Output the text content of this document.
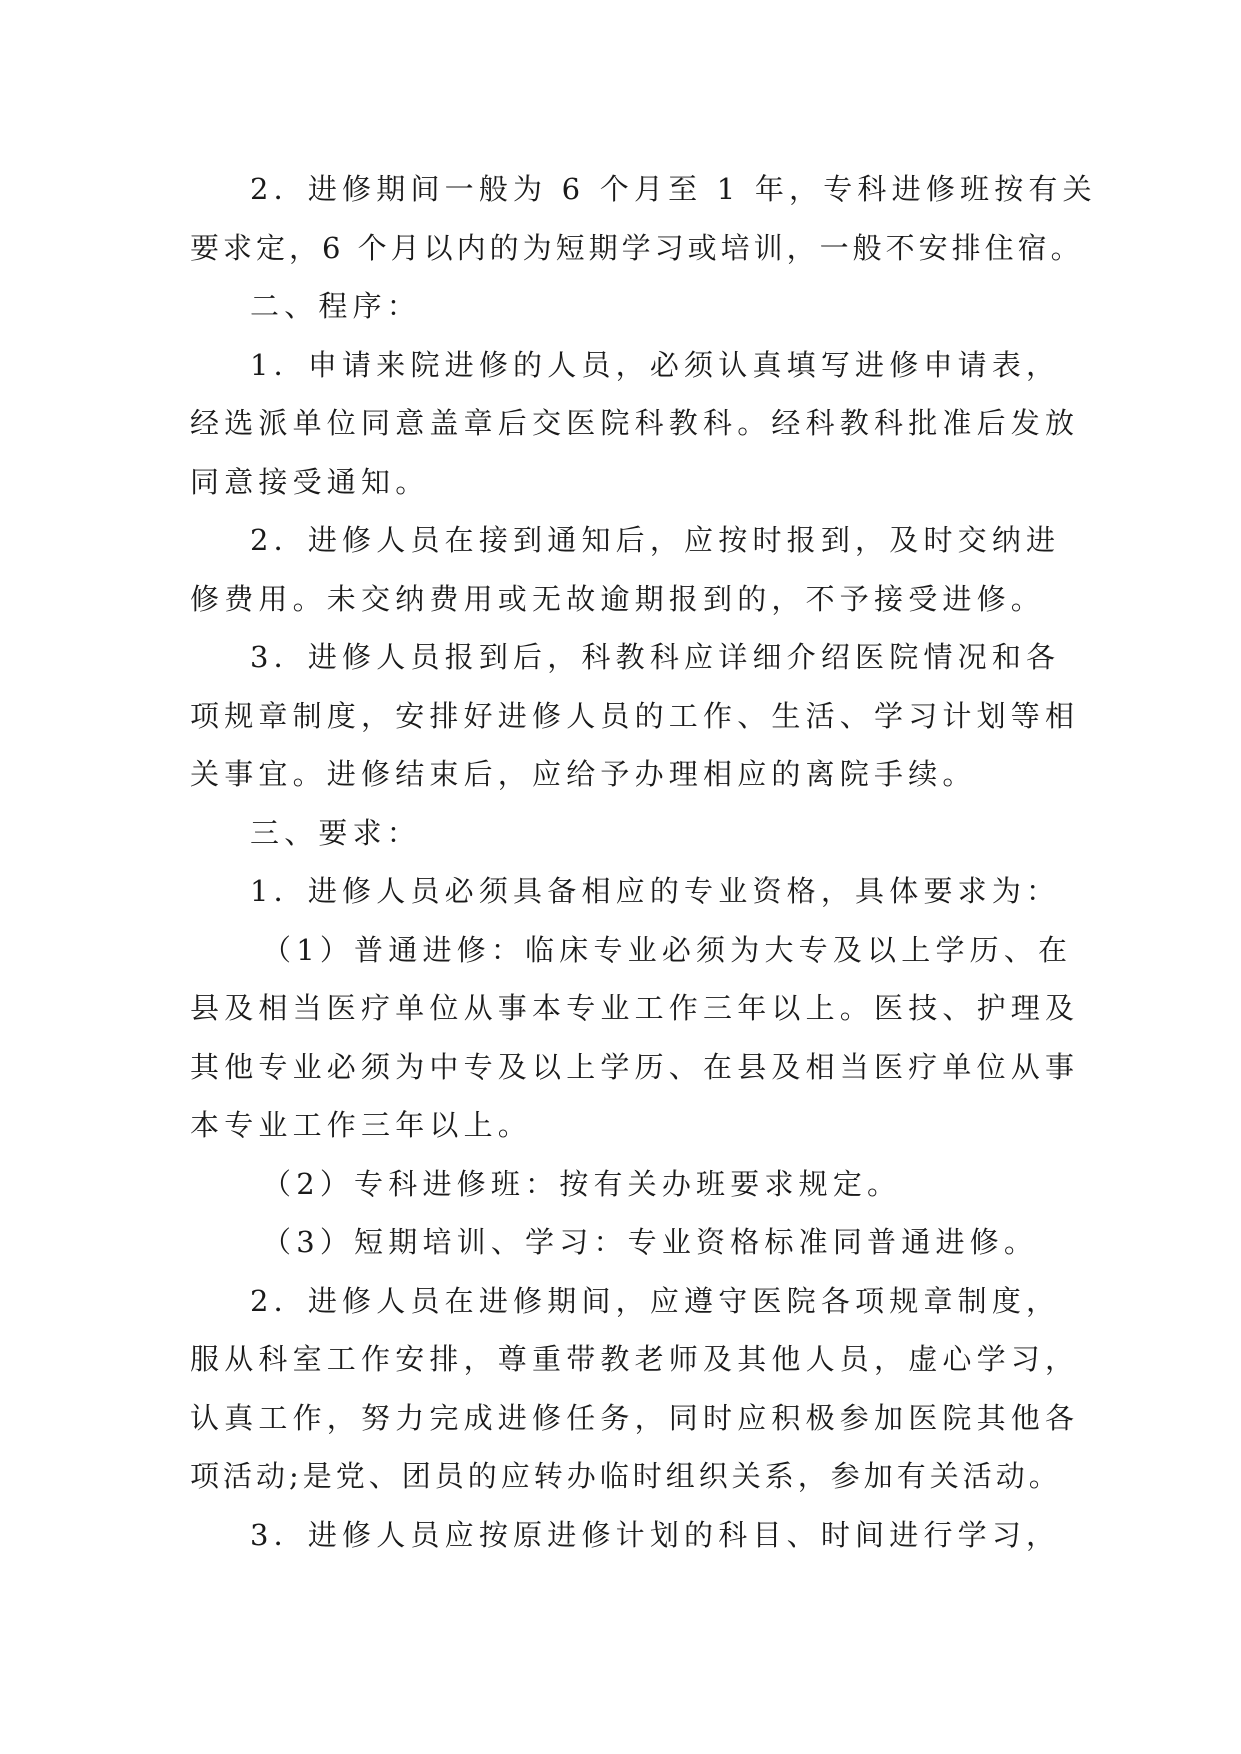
2．进修期间一般为 6 个月至 1 年，专科进修班按有关
要求定，6 个月以内的为短期学习或培训，一般不安排住宿。
二、程序：
1．申请来院进修的人员，必须认真填写进修申请表，
经选派单位同意盖章后交医院科教科。经科教科批准后发放
同意接受通知。
2．进修人员在接到通知后，应按时报到，及时交纳进
修费用。未交纳费用或无故逾期报到的，不予接受进修。
3．进修人员报到后，科教科应详细介绍医院情况和各
项规章制度，安排好进修人员的工作、生活、学习计划等相
关事宜。进修结束后，应给予办理相应的离院手续。
三、要求：
1．进修人员必须具备相应的专业资格，具体要求为：
（1）普通进修：临床专业必须为大专及以上学历、在
县及相当医疗单位从事本专业工作三年以上。医技、护理及
其他专业必须为中专及以上学历、在县及相当医疗单位从事
本专业工作三年以上。
（2）专科进修班：按有关办班要求规定。
（3）短期培训、学习：专业资格标准同普通进修。
2．进修人员在进修期间，应遵守医院各项规章制度，
服从科室工作安排，尊重带教老师及其他人员，虚心学习，
认真工作，努力完成进修任务，同时应积极参加医院其他各
项活动;是党、团员的应转办临时组织关系，参加有关活动。
3．进修人员应按原进修计划的科目、时间进行学习，
